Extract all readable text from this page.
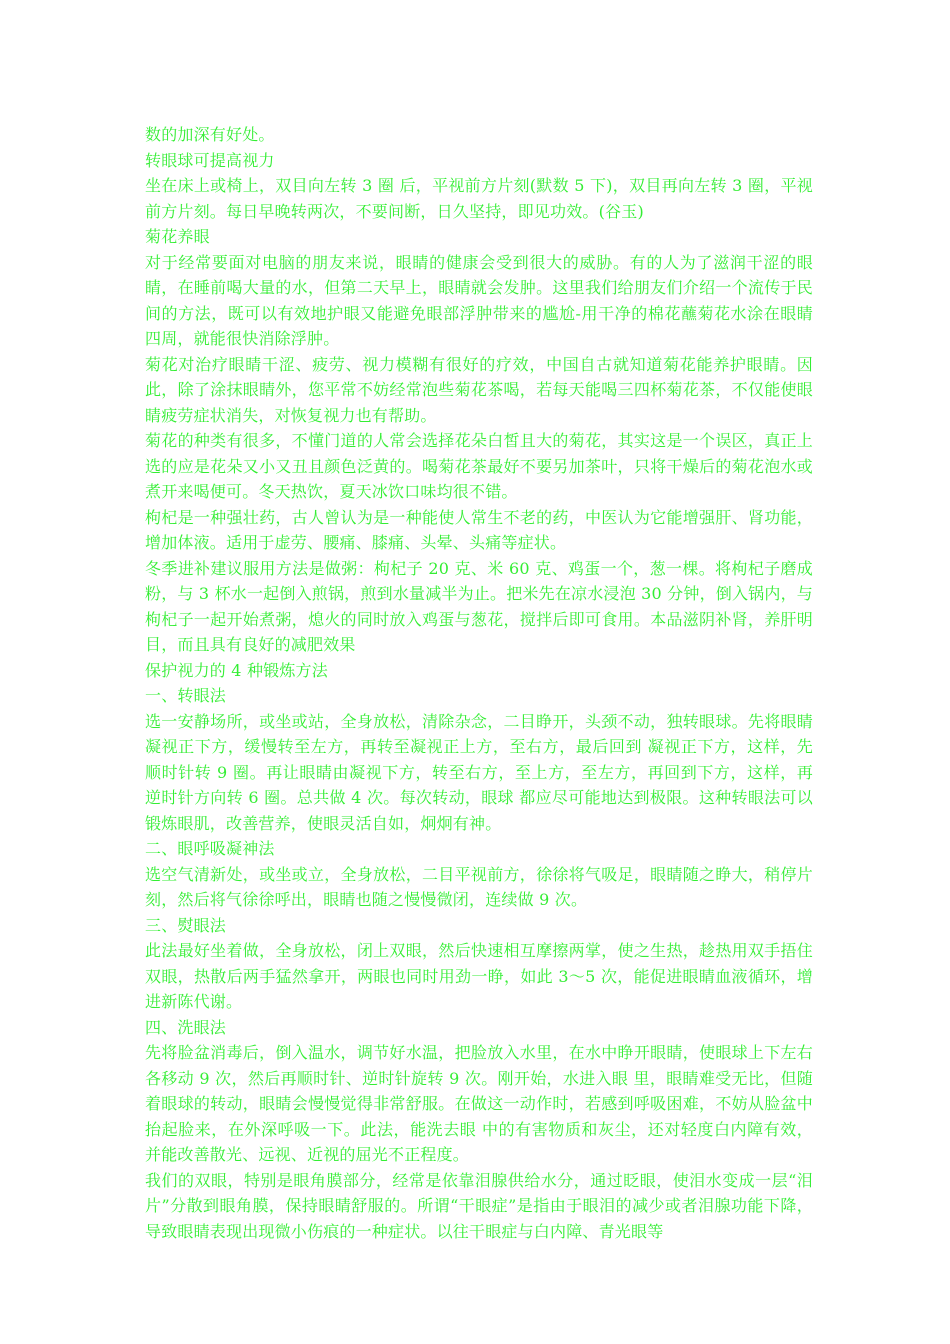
数的加深有好处。

转眼球可提高视力

坐在床上或椅上，双目向左转 3 圈 后，平视前方片刻(默数 5 下)，双目再向左转 3 圈，平视前方片刻。每日早晚转两次，不要间断，日久坚持，即见功效。(谷玉)

菊花养眼

对于经常要面对电脑的朋友来说，眼睛的健康会受到很大的威胁。有的人为了滋润干涩的眼睛，在睡前喝大量的水，但第二天早上，眼睛就会发肿。这里我们给朋友们介绍一个流传于民间的方法，既可以有效地护眼又能避免眼部浮肿带来的尴尬-用干净的棉花蘸菊花水涂在眼睛四周，就能很快消除浮肿。

菊花对治疗眼睛干涩、疲劳、视力模糊有很好的疗效，中国自古就知道菊花能养护眼睛。因此，除了涂抹眼睛外，您平常不妨经常泡些菊花茶喝，若每天能喝三四杯菊花茶，不仅能使眼睛疲劳症状消失，对恢复视力也有帮助。

菊花的种类有很多，不懂门道的人常会选择花朵白皙且大的菊花，其实这是一个误区，真正上选的应是花朵又小又丑且颜色泛黄的。喝菊花茶最好不要另加茶叶，只将干燥后的菊花泡水或煮开来喝便可。冬天热饮，夏天冰饮口味均很不错。

枸杞是一种强壮药，古人曾认为是一种能使人常生不老的药，中医认为它能增强肝、肾功能，增加体液。适用于虚劳、腰痛、膝痛、头晕、头痛等症状。

冬季进补建议服用方法是做粥：枸杞子 20 克、米 60 克、鸡蛋一个，葱一棵。将枸杞子磨成粉，与 3 杯水一起倒入煎锅，煎到水量减半为止。把米先在凉水浸泡 30 分钟，倒入锅内，与枸杞子一起开始煮粥，熄火的同时放入鸡蛋与葱花，搅拌后即可食用。本品滋阴补肾，养肝明目，而且具有良好的减肥效果

保护视力的 4 种锻炼方法

一、转眼法

选一安静场所，或坐或站，全身放松，清除杂念，二目睁开，头颈不动，独转眼球。先将眼睛凝视正下方，缓慢转至左方，再转至凝视正上方，至右方，最后回到 凝视正下方，这样，先顺时针转 9 圈。再让眼睛由凝视下方，转至右方，至上方，至左方，再回到下方，这样，再逆时针方向转 6 圈。总共做 4 次。每次转动，眼球 都应尽可能地达到极限。这种转眼法可以锻炼眼肌，改善营养，使眼灵活自如，炯炯有神。

二、眼呼吸凝神法

选空气清新处，或坐或立，全身放松，二目平视前方，徐徐将气吸足，眼睛随之睁大，稍停片刻，然后将气徐徐呼出，眼睛也随之慢慢微闭，连续做 9 次。

三、熨眼法

此法最好坐着做，全身放松，闭上双眼，然后快速相互摩擦两掌，使之生热，趁热用双手捂住双眼，热散后两手猛然拿开，两眼也同时用劲一睁，如此 3～5 次，能促进眼睛血液循环，增进新陈代谢。

四、洗眼法

先将脸盆消毒后，倒入温水，调节好水温，把脸放入水里，在水中睁开眼睛，使眼球上下左右各移动 9 次，然后再顺时针、逆时针旋转 9 次。刚开始，水进入眼 里，眼睛难受无比，但随着眼球的转动，眼睛会慢慢觉得非常舒服。在做这一动作时，若感到呼吸困难，不妨从脸盆中抬起脸来，在外深呼吸一下。此法，能洗去眼 中的有害物质和灰尘，还对轻度白内障有效，并能改善散光、远视、近视的屈光不正程度。

我们的双眼，特别是眼角膜部分，经常是依靠泪腺供给水分，通过眨眼，使泪水变成一层“泪片”分散到眼角膜，保持眼睛舒服的。所谓“干眼症”是指由于眼泪的减少或者泪腺功能下降，导致眼睛表现出现微小伤痕的一种症状。以往干眼症与白内障、青光眼等
